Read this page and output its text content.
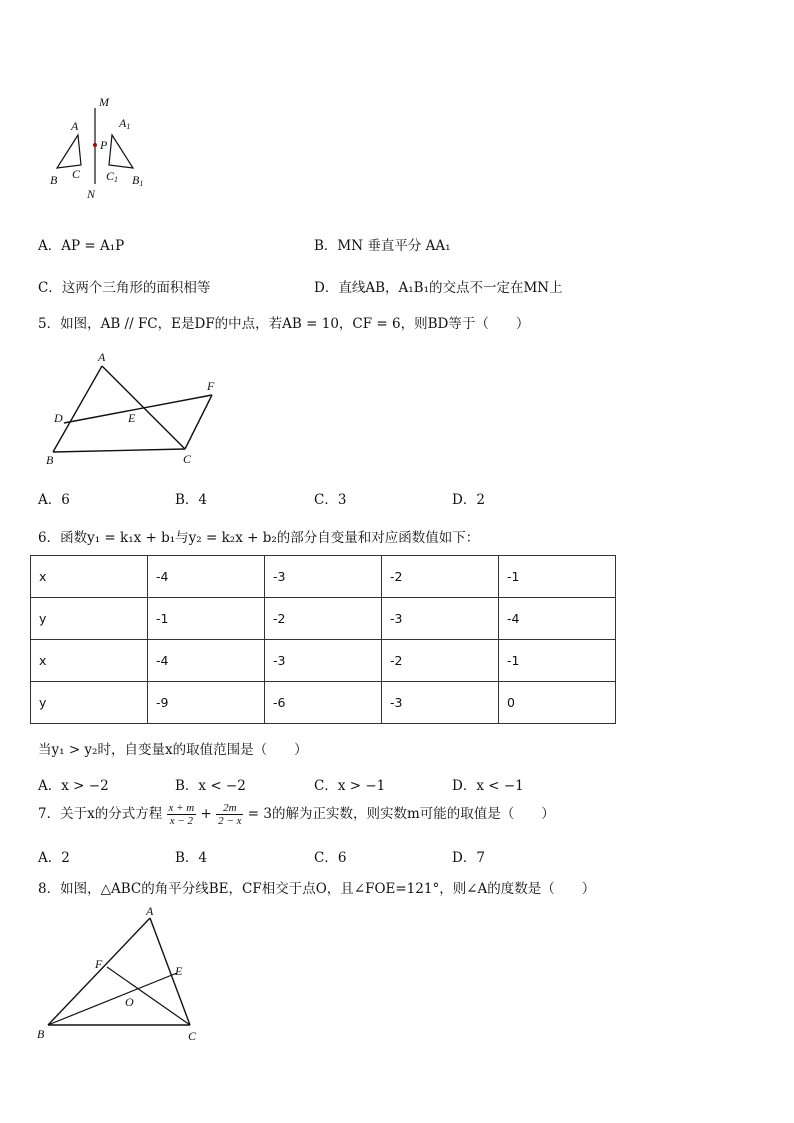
M
N
P
A
B C
A1
C1 B1
A．AP = A₁P	B．MN 垂直平分 AA₁
C．这两个三角形的面积相等	D．直线AB，A₁B₁的交点不一定在MN上
5．如图，AB // FC，E是DF的中点，若AB = 10，CF = 6，则BD等于（　　）
A
B	C
D	E
F
A．6	B．4	C．3	D．2
6．函数y₁ = k₁x + b₁与y₂ = k₂x + b₂的部分自变量和对应函数值如下：
x	-4	-3	-2	-1
y	-1	-2	-3	-4
x	-4	-3	-2	-1
y	-9	-6	-3	0
当y₁ > y₂时，自变量x的取值范围是（　　）
A．x > −2	B．x < −2	C．x > −1	D．x < −1
7．关于x的分式方程 $\frac{x + m}{x - 2} + \frac{2m}{2 - x} = 3$的解为正实数，则实数m可能的取值是（　　）
A．2	B．4	C．6	D．7
8．如图，△ABC的角平分线BE，CF相交于点O，且∠FOE=121°，则∠A的度数是（　　）
A
B	C
E
F
O
